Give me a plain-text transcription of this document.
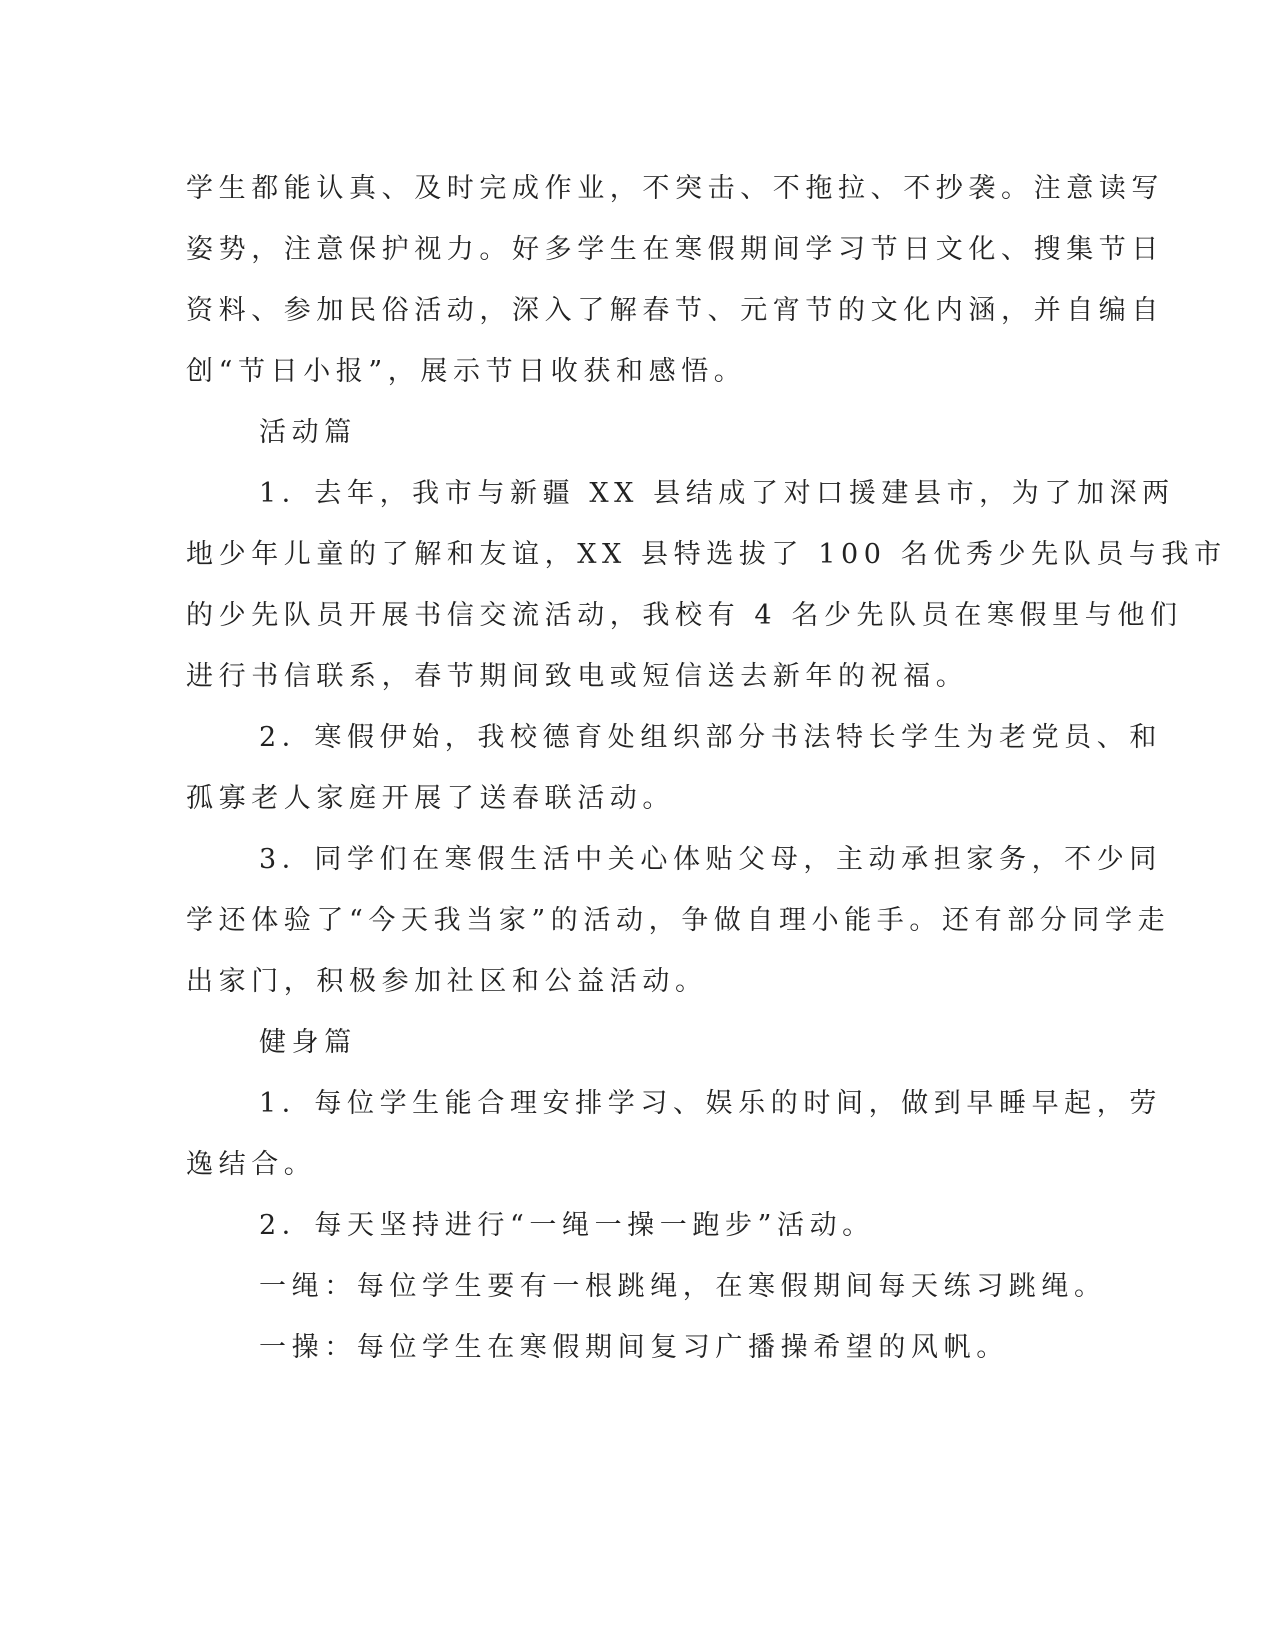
学生都能认真、及时完成作业，不突击、不拖拉、不抄袭。注意读写

姿势，注意保护视力。好多学生在寒假期间学习节日文化、搜集节日

资料、参加民俗活动，深入了解春节、元宵节的文化内涵，并自编自

创“节日小报”，展示节日收获和感悟。

活动篇

1．去年，我市与新疆 XX 县结成了对口援建县市，为了加深两

地少年儿童的了解和友谊，XX 县特选拔了 100 名优秀少先队员与我市

的少先队员开展书信交流活动，我校有 4 名少先队员在寒假里与他们

进行书信联系，春节期间致电或短信送去新年的祝福。

2．寒假伊始，我校德育处组织部分书法特长学生为老党员、和

孤寡老人家庭开展了送春联活动。

3．同学们在寒假生活中关心体贴父母，主动承担家务，不少同

学还体验了“今天我当家”的活动，争做自理小能手。还有部分同学走

出家门，积极参加社区和公益活动。

健身篇

1．每位学生能合理安排学习、娱乐的时间，做到早睡早起，劳

逸结合。

2．每天坚持进行“一绳一操一跑步”活动。

一绳：每位学生要有一根跳绳，在寒假期间每天练习跳绳。

一操：每位学生在寒假期间复习广播操希望的风帆。
